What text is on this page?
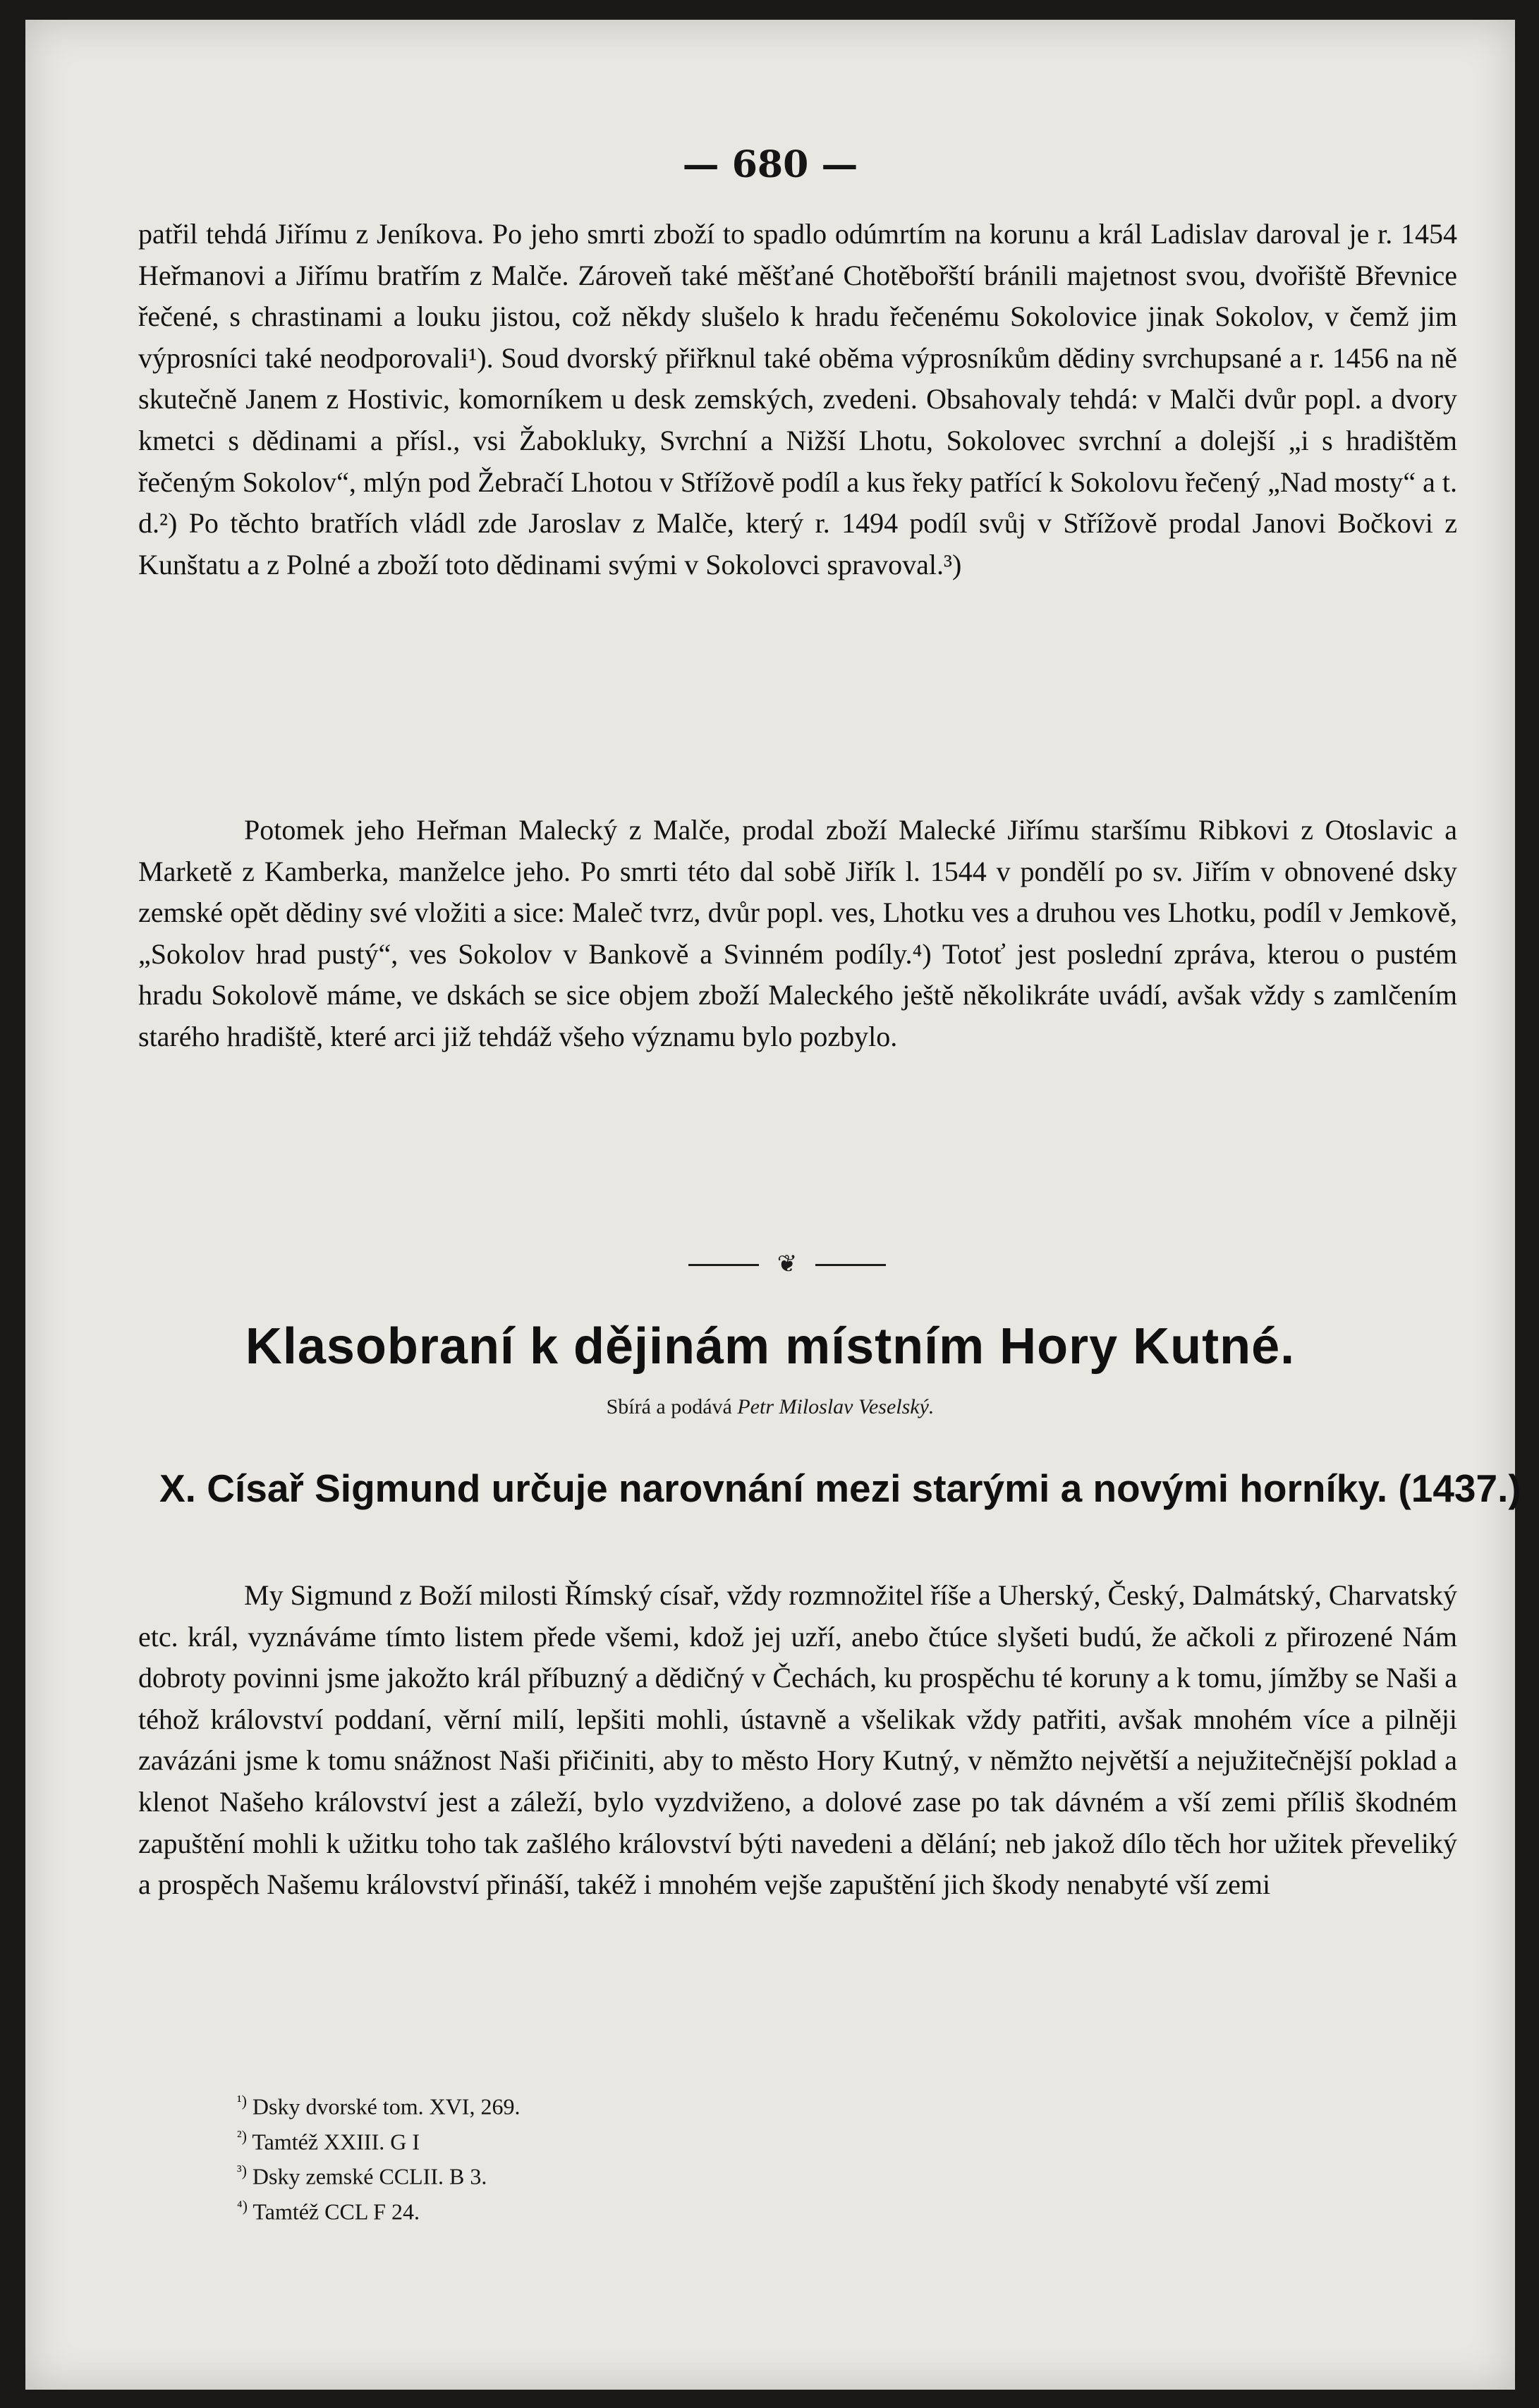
— 680 —

patřil tehdá Jiřímu z Jeníkova. Po jeho smrti zboží to spadlo odúmrtím na korunu a král Ladislav daroval je r. 1454 Heřmanovi a Jiřímu bratřím z Malče. Zároveň také měšťané Chotěbořští bránili majetnost svou, dvořiště Břevnice řečené, s chrastinami a louku jistou, což někdy slušelo k hradu řečenému Sokolovice jinak Sokolov, v čemž jim výprosníci také neodporovali¹). Soud dvorský přiřknul také oběma výprosníkům dědiny svrchupsané a r. 1456 na ně skutečně Janem z Hostivic, komorníkem u desk zemských, zvedeni. Obsahovaly tehdá: v Malči dvůr popl. a dvory kmetci s dědinami a přísl., vsi Žabokluky, Svrchní a Nižší Lhotu, Sokolovec svrchní a dolejší „i s hradištěm řečeným Sokolov“, mlýn pod Žebračí Lhotou v Střížově podíl a kus řeky patřící k Sokolovu řečený „Nad mosty“ a t. d.²) Po těchto bratřích vládl zde Jaroslav z Malče, který r. 1494 podíl svůj v Střížově prodal Janovi Bočkovi z Kunštatu a z Polné a zboží toto dědinami svými v Sokolovci spravoval.³)

Potomek jeho Heřman Malecký z Malče, prodal zboží Malecké Jiřímu staršímu Ribkovi z Otoslavic a Marketě z Kamberka, manželce jeho. Po smrti této dal sobě Jiřík l. 1544 v pondělí po sv. Jiřím v obnovené dsky zemské opět dědiny své vložiti a sice: Maleč tvrz, dvůr popl. ves, Lhotku ves a druhou ves Lhotku, podíl v Jemkově, „Sokolov hrad pustý“, ves Sokolov v Bankově a Svinném podíly.⁴) Totoť jest poslední zpráva, kterou o pustém hradu Sokolově máme, ve dskách se sice objem zboží Maleckého ještě několikráte uvádí, avšak vždy s zamlčením starého hradiště, které arci již tehdáž všeho významu bylo pozbylo.

❦
Klasobraní k dějinám místním Hory Kutné.
Sbírá a podává Petr Miloslav Veselský.
X. Císař Sigmund určuje narovnání mezi starými a novými horníky. (1437.)

My Sigmund z Boží milosti Římský císař, vždy rozmnožitel říše a Uherský, Český, Dalmátský, Charvatský etc. král, vyznáváme tímto listem přede všemi, kdož jej uzří, anebo čtúce slyšeti budú, že ačkoli z přirozené Nám dobroty povinni jsme jakožto král příbuzný a dědičný v Čechách, ku prospěchu té koruny a k tomu, jímžby se Naši a téhož království poddaní, věrní milí, lepšiti mohli, ústavně a všelikak vždy patřiti, avšak mnohém více a pilněji zavázáni jsme k tomu snážnost Naši přičiniti, aby to město Hory Kutný, v němžto největší a nejužitečnější poklad a klenot Našeho království jest a záleží, bylo vyzdviženo, a dolové zase po tak dávném a vší zemi příliš škodném zapuštění mohli k užitku toho tak zašlého království býti navedeni a dělání; neb jakož dílo těch hor užitek převeliký a prospěch Našemu království přináší, takéž i mnohém vejše zapuštění jich škody nenabyté vší zemi

$^{^1)}$ Dsky dvorské tom. XVI, 269.
$^{^2)}$ Tamtéž XXIII. G I
$^{^3)}$ Dsky zemské CCLII. B 3.
$^{^4)}$ Tamtéž CCL F 24.
